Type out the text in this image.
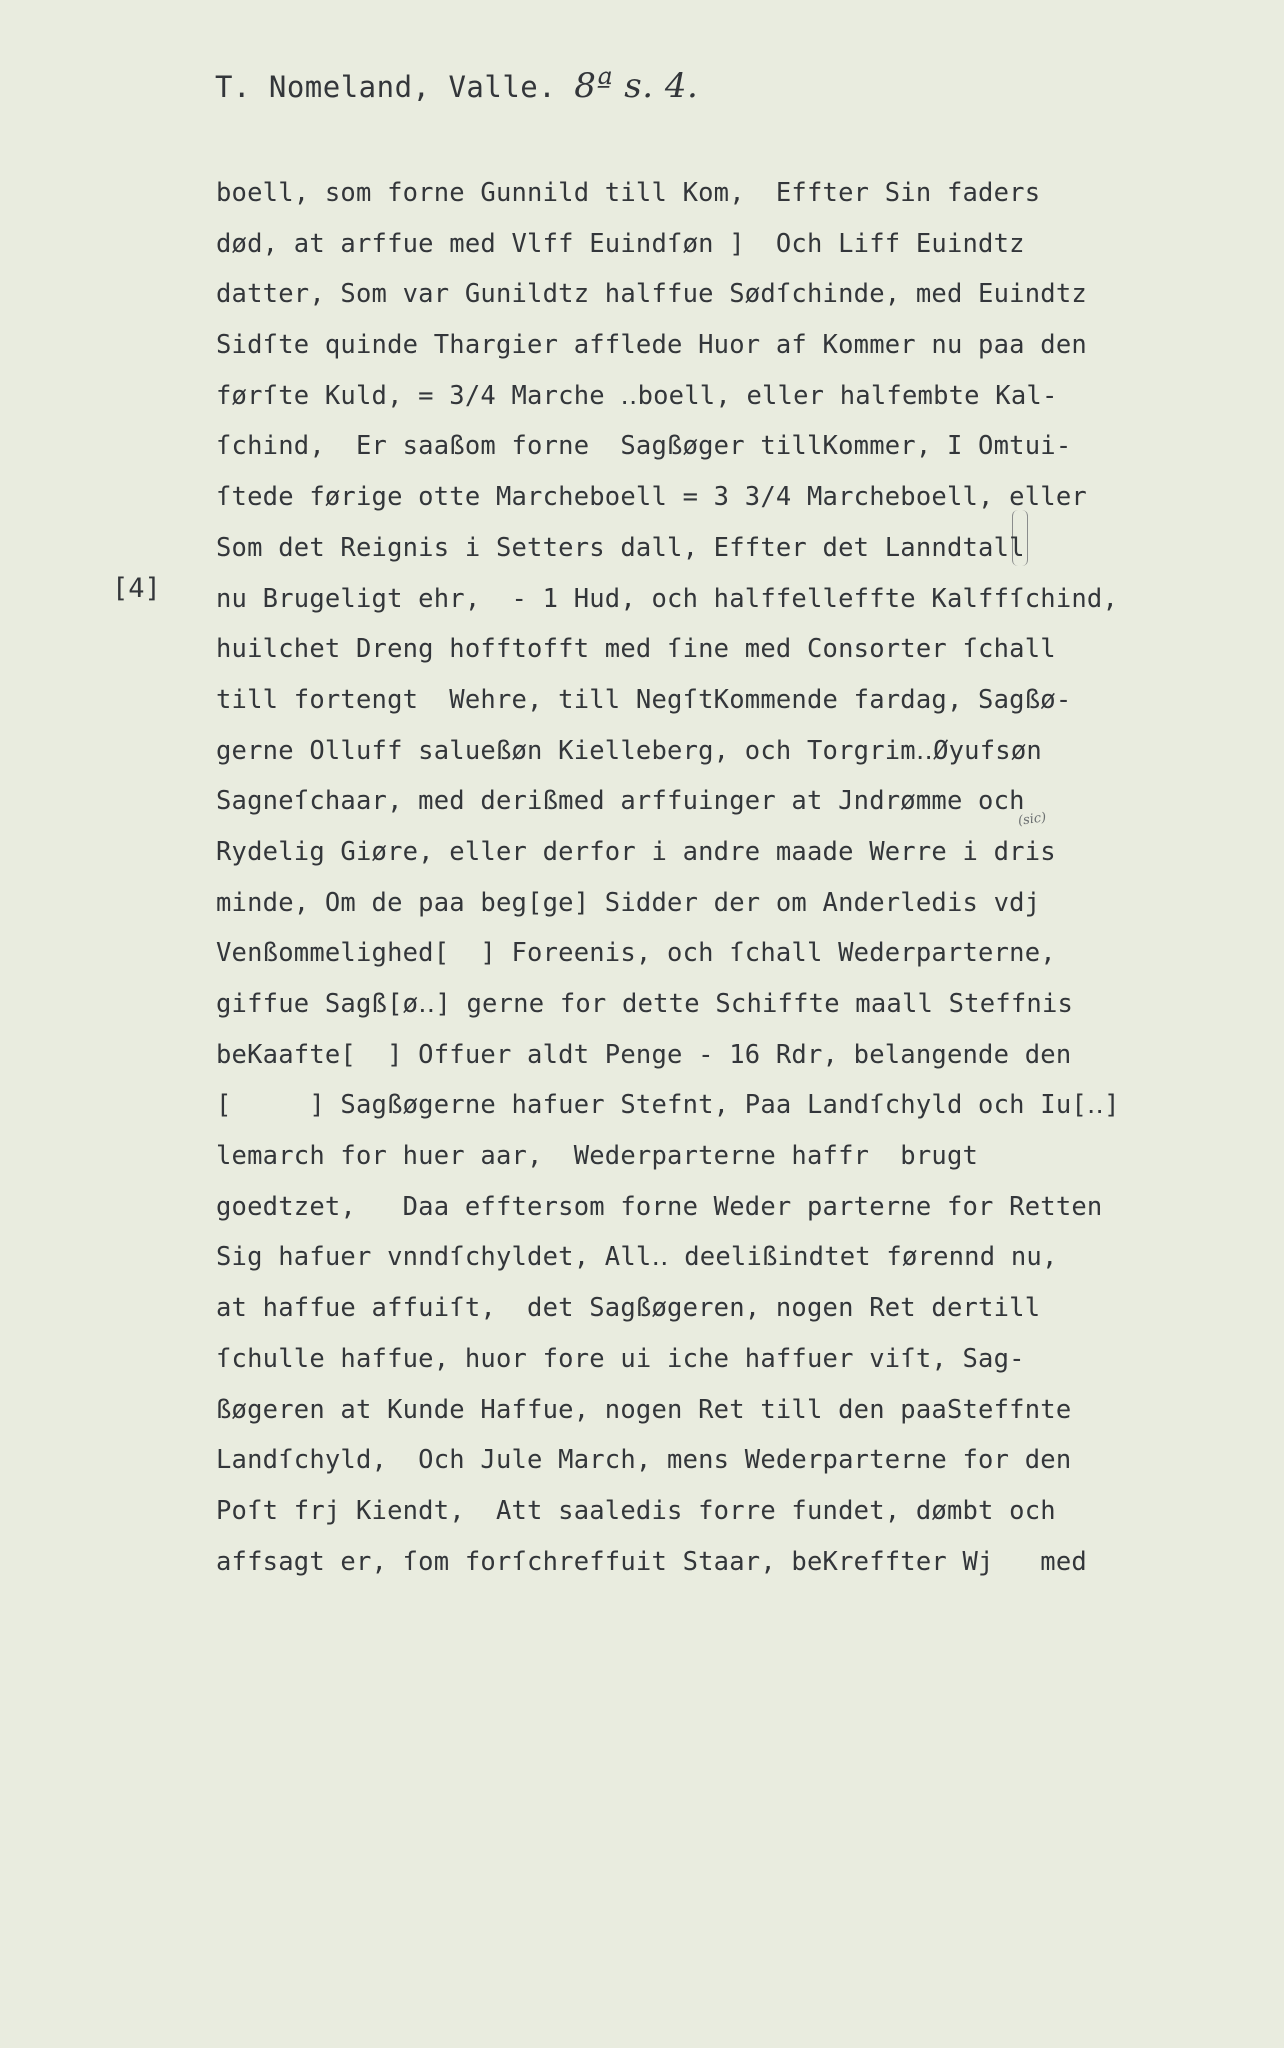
T. Nomeland, Valle. 8ª s. 4.
[4]
(sic)
boell, som forne Gunnild till Kom,  Effter Sin faders
død, at arffue med Vlff Euindſøn ]  Och Liff Euindtz
datter, Som var Gunildtz halffue Sødſchinde, med Euindtz
Sidſte quinde Thargier afflede Huor af Kommer nu paa den
førſte Kuld, = 3/4 Marche ‥boell, eller halfembte Kal-
ſchind,  Er saaßom forne  Sagßøger tillKommer, I Omtui-
ſtede førige otte Marcheboell = 3 3/4 Marcheboell, eller
Som det Reignis i Setters dall, Effter det Lanndtall
nu Brugeligt ehr,  - 1 Hud, och halffelleffte Kalffſchind,
huilchet Dreng hofftofft med ſine med Consorter ſchall
till fortengt  Wehre, till NegſtKommende fardag, Sagßø-
gerne Olluff salueßøn Kielleberg, och Torgrim‥Øyufsøn
Sagneſchaar, med derißmed arffuinger at Jndrømme och
Rydelig Giøre, eller derfor i andre maade Werre i dris
minde, Om de paa beg[ge] Sidder der om Anderledis vdj
Venßommelighed[  ] Foreenis, och ſchall Wederparterne,
giffue Sagß[ø‥] gerne for dette Schiffte maall Steffnis
beKaafte[  ] Offuer aldt Penge - 16 Rdr, belangende den
[     ] Sagßøgerne hafuer Stefnt, Paa Landſchyld och Iu[‥]
lemarch for huer aar,  Wederparterne haffr  brugt
goedtzet,   Daa efftersom forne Weder parterne for Retten
Sig hafuer vnndſchyldet, All‥ deelißindtet førennd nu,
at haffue affuiſt,  det Sagßøgeren, nogen Ret dertill
ſchulle haffue, huor fore ui iche haffuer viſt, Sag-
ßøgeren at Kunde Haffue, nogen Ret till den paaSteffnte
Landſchyld,  Och Jule March, mens Wederparterne for den
Poſt frj Kiendt,  Att saaledis forre fundet, dømbt och
affsagt er, ſom forſchreffuit Staar, beKreffter Wj   med
